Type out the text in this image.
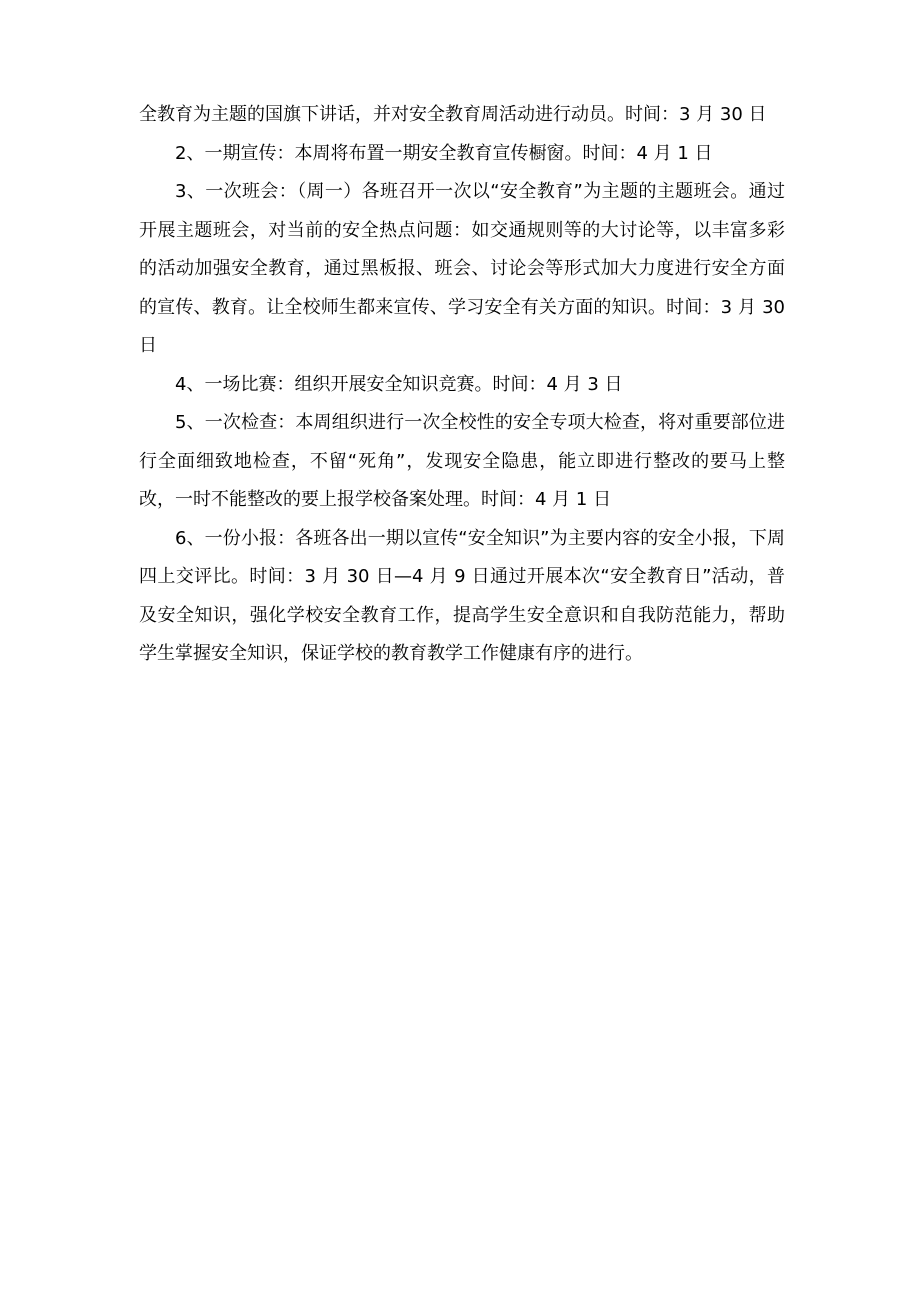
全教育为主题的国旗下讲话，并对安全教育周活动进行动员。时间：3 月 30 日

2、一期宣传：本周将布置一期安全教育宣传橱窗。时间：4 月 1 日

3、一次班会：（周一）各班召开一次以“安全教育”为主题的主题班会。通过开展主题班会，对当前的安全热点问题：如交通规则等的大讨论等，以丰富多彩的活动加强安全教育，通过黑板报、班会、讨论会等形式加大力度进行安全方面的宣传、教育。让全校师生都来宣传、学习安全有关方面的知识。时间：3 月 30 日

4、一场比赛：组织开展安全知识竞赛。时间：4 月 3 日

5、一次检查：本周组织进行一次全校性的安全专项大检查，将对重要部位进行全面细致地检查，不留“死角”，发现安全隐患，能立即进行整改的要马上整改，一时不能整改的要上报学校备案处理。时间：4 月 1 日

6、一份小报：各班各出一期以宣传“安全知识”为主要内容的安全小报，下周四上交评比。时间：3 月 30 日—4 月 9 日通过开展本次“安全教育日”活动，普及安全知识，强化学校安全教育工作，提高学生安全意识和自我防范能力，帮助学生掌握安全知识，保证学校的教育教学工作健康有序的进行。
